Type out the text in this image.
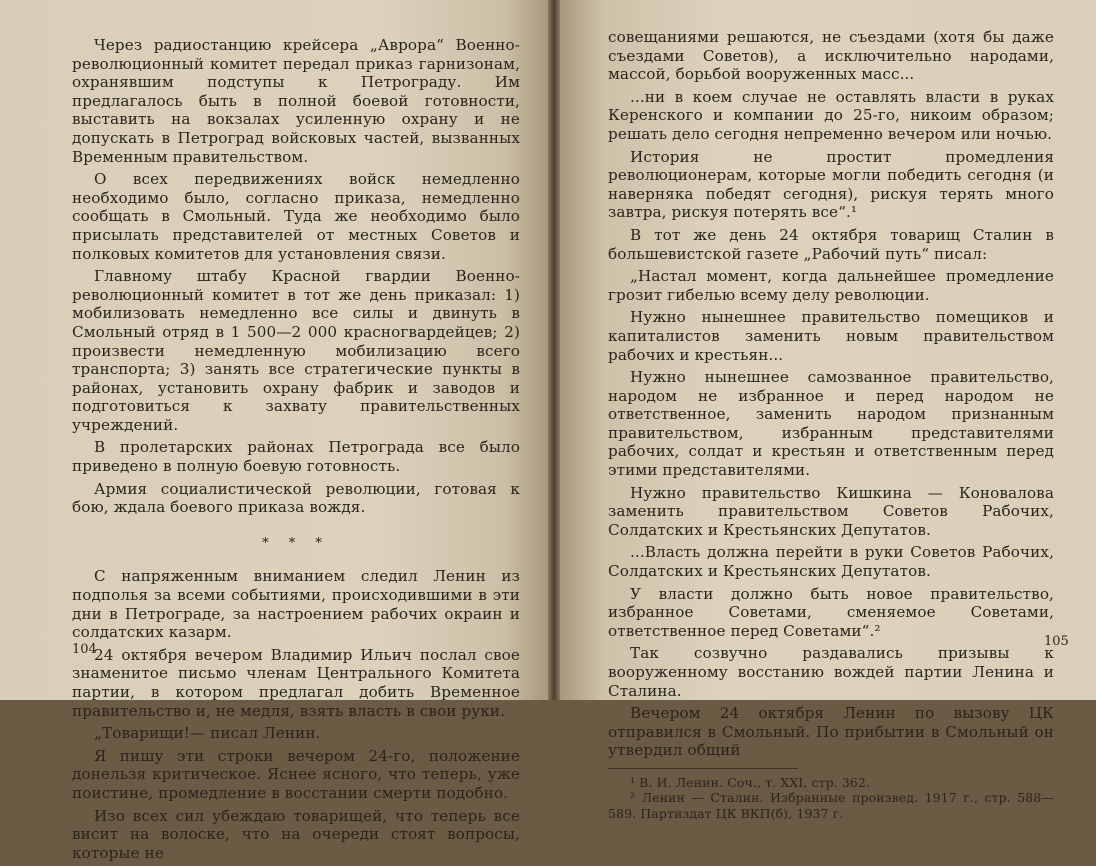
Через радиостанцию крейсера „Аврора“ Военно-революционный комитет передал приказ гарнизонам, охранявшим подступы к Петрограду. Им предлагалось быть в полной боевой готовности, выставить на вокзалах усиленную охрану и не допускать в Петроград войсковых частей, вызванных Временным правительством.

О всех передвижениях войск немедленно необходимо было, согласно приказа, немедленно сообщать в Смольный. Туда же необходимо было присылать представителей от местных Советов и полковых комитетов для установления связи.

Главному штабу Красной гвардии Военно-революционный комитет в тот же день приказал: 1) мобилизовать немедленно все силы и двинуть в Смольный отряд в 1 500—2 000 красногвардейцев; 2) произвести немедленную мобилизацию всего транспорта; 3) занять все стратегические пункты в районах, установить охрану фабрик и заводов и подготовиться к захвату правительственных учреждений.

В пролетарских районах Петрограда все было приведено в полную боевую готовность.

Армия социалистической революции, готовая к бою, ждала боевого приказа вождя.

* * *

С напряженным вниманием следил Ленин из подполья за всеми событиями, происходившими в эти дни в Петрограде, за настроением рабочих окраин и солдатских казарм.

24 октября вечером Владимир Ильич послал свое знаменитое письмо членам Центрального Комитета партии, в котором предлагал добить Временное правительство и, не медля, взять власть в свои руки.

„Товарищи!— писал Ленин.

Я пишу эти строки вечером 24-го, положение донельзя критическое. Яснее ясного, что теперь, уже поистине, промедление в восстании смерти подобно.

Изо всех сил убеждаю товарищей, что теперь все висит на волоске, что на очереди стоят вопросы, которые не

104

совещаниями решаются, не съездами (хотя бы даже съездами Советов), а исключительно народами, массой, борьбой вооруженных масс...

...ни в коем случае не оставлять власти в руках Керенского и компании до 25-го, никоим образом; решать дело сегодня непременно вечером или ночью.

История не простит промедления революционерам, которые могли победить сегодня (и наверняка победят сегодня), рискуя терять много завтра, рискуя потерять все“.¹

В тот же день 24 октября товарищ Сталин в большевистской газете „Рабочий путь“ писал:

„Настал момент, когда дальнейшее промедление грозит гибелью всему делу революции.

Нужно нынешнее правительство помещиков и капиталистов заменить новым правительством рабочих и крестьян...

Нужно нынешнее самозванное правительство, народом не избранное и перед народом не ответственное, заменить народом признанным правительством, избранным представителями рабочих, солдат и крестьян и ответственным перед этими представителями.

Нужно правительство Кишкина — Коновалова заменить правительством Советов Рабочих, Солдатских и Крестьянских Депутатов.

...Власть должна перейти в руки Советов Рабочих, Солдатских и Крестьянских Депутатов.

У власти должно быть новое правительство, избранное Советами, сменяемое Советами, ответственное перед Советами“.²

Так созвучно раздавались призывы к вооруженному восстанию вождей партии Ленина и Сталина.

Вечером 24 октября Ленин по вызову ЦК отправился в Смольный. По прибытии в Смольный он утвердил общий

¹ В. И. Ленин. Соч., т. XXI, стр. 362.

² Ленин — Сталин. Избранные произвед. 1917 г., стр. 588—589. Партиздат ЦК ВКП(б), 1937 г.

105
